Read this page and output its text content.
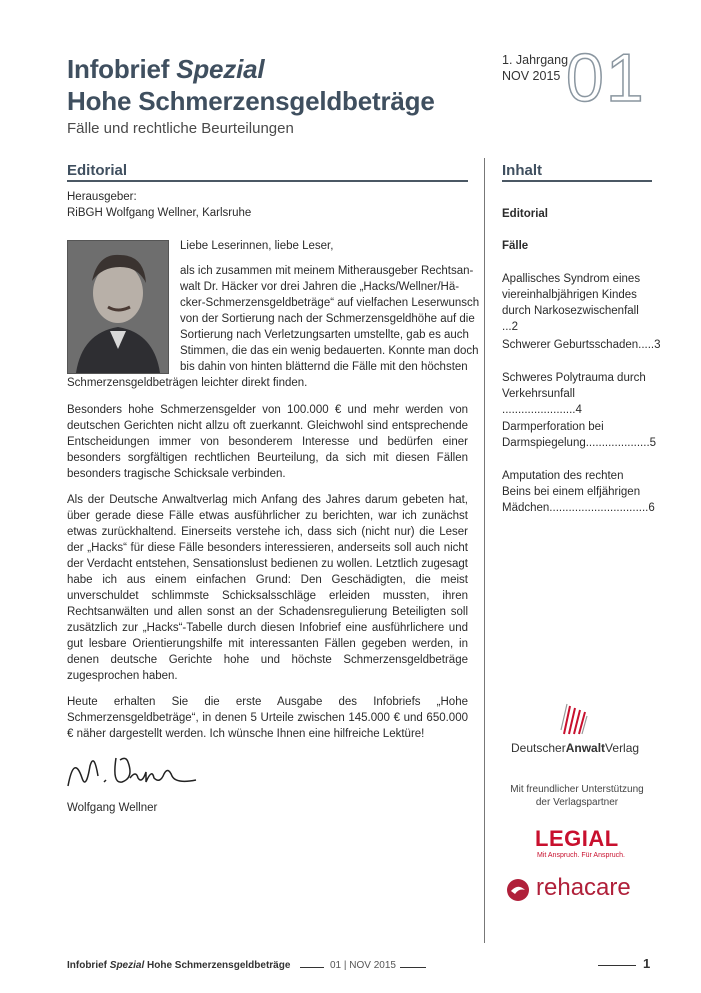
Infobrief Spezial
Hohe Schmerzensgeldbeträge
Fälle und rechtliche Beurteilungen
1. Jahrgang
NOV 2015 01
Editorial
Herausgeber:
RiBGH Wolfgang Wellner, Karlsruhe
Liebe Leserinnen, liebe Leser,
als ich zusammen mit meinem Mitherausgeber Rechtsan-
walt Dr. Häcker vor drei Jahren die „Hacks/Wellner/Hä-
cker-Schmerzensgeldbeträge“ auf vielfachen Leserwunsch
von der Sortierung nach der Schmerzensgeldhöhe auf die
Sortierung nach Verletzungsarten umstellte, gab es auch
Stimmen, die das ein wenig bedauerten. Konnte man doch
bis dahin von hinten blätternd die Fälle mit den höchsten
Schmerzensgeldbeträgen leichter direkt finden.

Besonders hohe Schmerzensgelder von 100.000 € und mehr werden von deutschen Gerichten nicht allzu oft zuerkannt. Gleichwohl sind entsprechende Entscheidungen immer von besonderem Interesse und bedürfen einer besonders sorgfältigen rechtlichen Beurteilung, da sich mit diesen Fällen besonders tragische Schicksale verbinden.

Als der Deutsche Anwaltverlag mich Anfang des Jahres darum gebeten hat, über gerade diese Fälle etwas ausführlicher zu berichten, war ich zunächst etwas zurückhaltend. Einerseits verstehe ich, dass sich (nicht nur) die Leser der „Hacks“ für diese Fälle besonders interessieren, anderseits soll auch nicht der Verdacht entstehen, Sensationslust bedienen zu wollen. Letztlich zugesagt habe ich aus einem einfachen Grund: Den Geschädigten, die meist unverschuldet schlimmste Schicksalsschläge erleiden mussten, ihren Rechtsanwälten und allen sonst an der Schadensregulierung Beteiligten soll zusätzlich zur „Hacks“-Tabelle durch diesen Infobrief eine ausführlichere und gut lesbare Orientierungshilfe mit interessanten Fällen gegeben werden, in denen deutsche Gerichte hohe und höchste Schmerzensgeldbeträge zugesprochen haben.

Heute erhalten Sie die erste Ausgabe des Infobriefs „Hohe Schmerzensgeldbeträge“, in denen 5 Urteile zwischen 145.000 € und 650.000 € näher dargestellt werden. Ich wünsche Ihnen eine hilfreiche Lektüre!

Wolfgang Wellner
Inhalt
Editorial
Fälle
Apallisches Syndrom eines viereinhalbjährigen Kindes durch Narkosezwischenfall ...2
Schwerer Geburtsschaden.....3
Schweres Polytrauma durch Verkehrsunfall .......................4
Darmperforation bei Darmspiegelung....................5
Amputation des rechten Beins bei einem elfjährigen Mädchen...............................6
DeutscherAnwaltVerlag
Mit freundlicher Unterstützung
der Verlagspartner
LEGIAL
Mit Anspruch. Für Anspruch.
rehacare
Infobrief Spezial Hohe Schmerzensgeldbeträge	01 | NOV 2015	1
